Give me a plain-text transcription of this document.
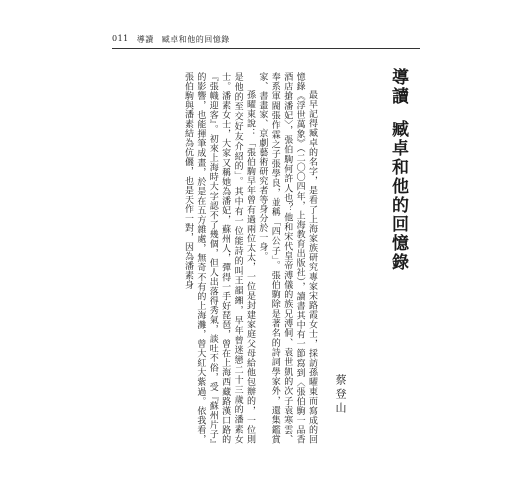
011 導讀 臧卓和他的回憶錄
導讀
臧卓和他的回憶錄
蔡登山

最早記得臧卓的名字，是看了上海家族研究專家宋路霞女士，採訪孫曜東而寫成的回憶錄《浮世萬象》（二〇〇四年，上海教育出版社），讀書其中有一節寫到〈張伯駒一品香酒店搶潘妃〉，張伯駒何許人也？他和宋代皇帝溥儀的族兄溥侗、袁世凱的次子袁寒雲、奉系軍閥張作霖之子張學良，並稱「四公子」。張伯駒除是著名的詩詞學家外，還集鑑賞家、書畫家、京劇藝術研究者等身分於一身。

孫曜東說：「張伯駒早年曾有過兩位太太，一位是封建家庭父母給他包辦的，一位則是他的至交好友介紹的」。其中有一位能詩的叫王韻緗，早年曾迷戀二十三歲的潘素女士。潘素女士，大家又稱她為潘妃，蘇州人，彈得一手好琵琶，曾在上海西藏路漢口路的『張幟迎客』。初來上海時大字認不了幾個，但人出落得秀氣，談吐不俗，受『蘇州片子』的影響，也能揮筆成畫，於是在五方雜處，無奇不有的上海灘，曾大紅大紫過。依我看，張伯駒與潘素結為伉儷，也是天作一對，因為潘素身
